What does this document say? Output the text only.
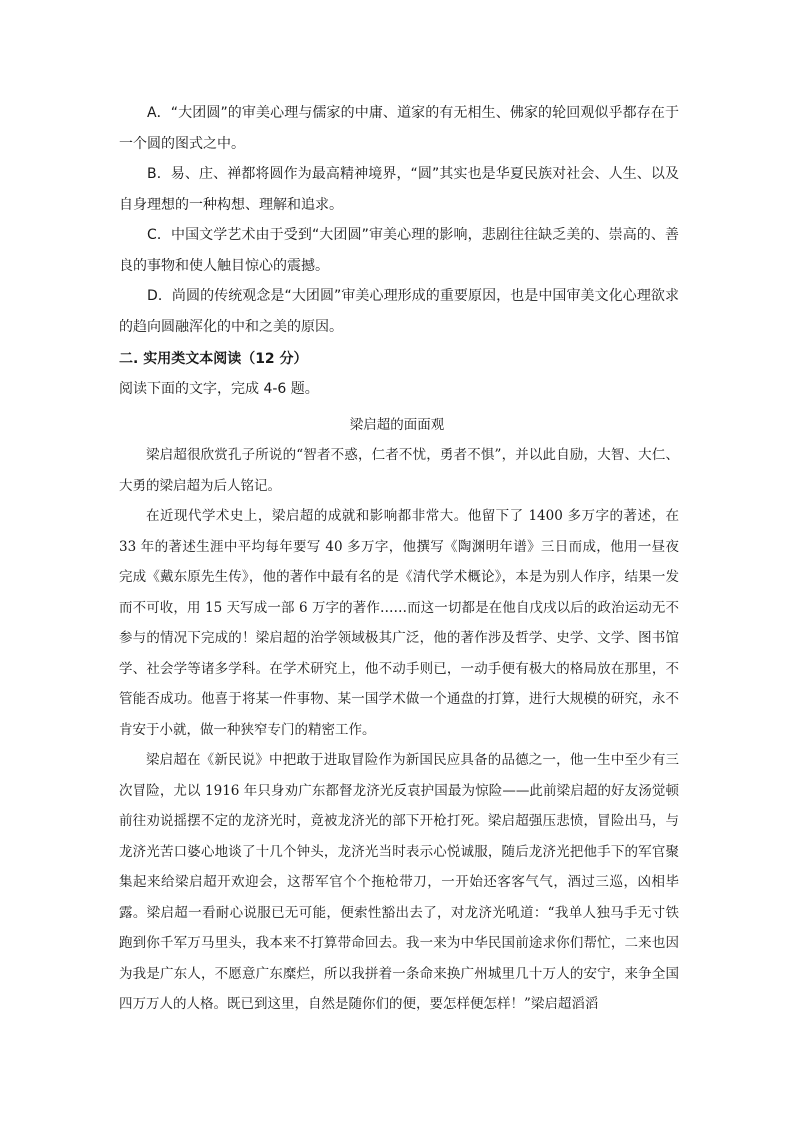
A．“大团圆”的审美心理与儒家的中庸、道家的有无相生、佛家的轮回观似乎都存在于一个圆的图式之中。

B．易、庄、禅都将圆作为最高精神境界，“圆”其实也是华夏民族对社会、人生、以及自身理想的一种构想、理解和追求。

C．中国文学艺术由于受到“大团圆”审美心理的影响，悲剧往往缺乏美的、崇高的、善良的事物和使人触目惊心的震撼。

D．尚圆的传统观念是“大团圆”审美心理形成的重要原因，也是中国审美文化心理欲求的趋向圆融浑化的中和之美的原因。

二. 实用类文本阅读（12 分）
阅读下面的文字，完成 4-6 题。
梁启超的面面观

梁启超很欣赏孔子所说的“智者不惑，仁者不忧，勇者不惧”，并以此自励，大智、大仁、大勇的梁启超为后人铭记。

在近现代学术史上，梁启超的成就和影响都非常大。他留下了 1400 多万字的著述，在 33 年的著述生涯中平均每年要写 40 多万字，他撰写《陶渊明年谱》三日而成，他用一昼夜完成《戴东原先生传》，他的著作中最有名的是《清代学术概论》，本是为别人作序，结果一发而不可收，用 15 天写成一部 6 万字的著作……而这一切都是在他自戊戌以后的政治运动无不参与的情况下完成的！梁启超的治学领域极其广泛，他的著作涉及哲学、史学、文学、图书馆学、社会学等诸多学科。在学术研究上，他不动手则已，一动手便有极大的格局放在那里，不管能否成功。他喜于将某一件事物、某一国学术做一个通盘的打算，进行大规模的研究，永不肯安于小就，做一种狭窄专门的精密工作。

梁启超在《新民说》中把敢于进取冒险作为新国民应具备的品德之一，他一生中至少有三次冒险，尤以 1916 年只身劝广东都督龙济光反袁护国最为惊险——此前梁启超的好友汤觉顿前往劝说摇摆不定的龙济光时，竟被龙济光的部下开枪打死。梁启超强压悲愤，冒险出马，与龙济光苦口婆心地谈了十几个钟头，龙济光当时表示心悦诚服，随后龙济光把他手下的军官聚集起来给梁启超开欢迎会，这帮军官个个拖枪带刀，一开始还客客气气，酒过三巡，凶相毕露。梁启超一看耐心说服已无可能，便索性豁出去了，对龙济光吼道：“我单人独马手无寸铁跑到你千军万马里头，我本来不打算带命回去。我一来为中华民国前途求你们帮忙，二来也因为我是广东人，不愿意广东糜烂，所以我拼着一条命来换广州城里几十万人的安宁，来争全国四万万人的人格。既已到这里，自然是随你们的便，要怎样便怎样！”梁启超滔滔
